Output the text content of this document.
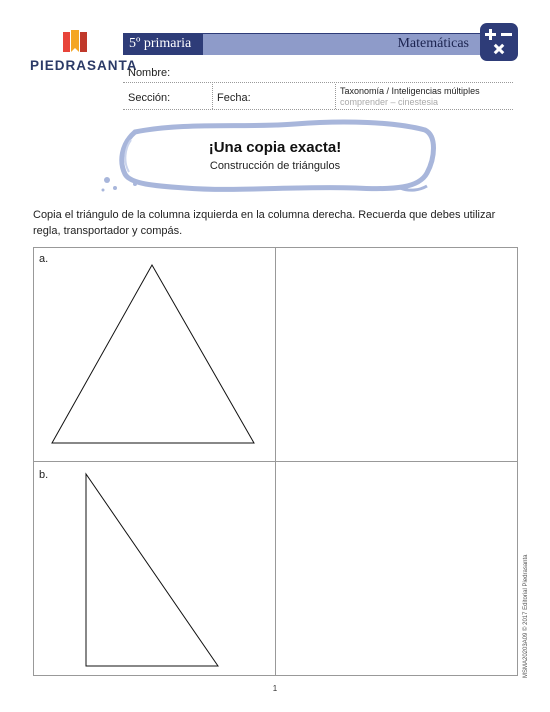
PIEDRASANTA
5º primaria	Matemáticas
Nombre:
Sección:	Fecha:
Taxonomía / Inteligencias múltiples
comprender – cinestesia
¡Una copia exacta!
Construcción de triángulos
Copia el triángulo de la columna izquierda en la columna derecha. Recuerda que debes utilizar regla, transportador y compás.
a.
b.
MSMA20203A09 © 2017 Editorial Piedrasanta
1
